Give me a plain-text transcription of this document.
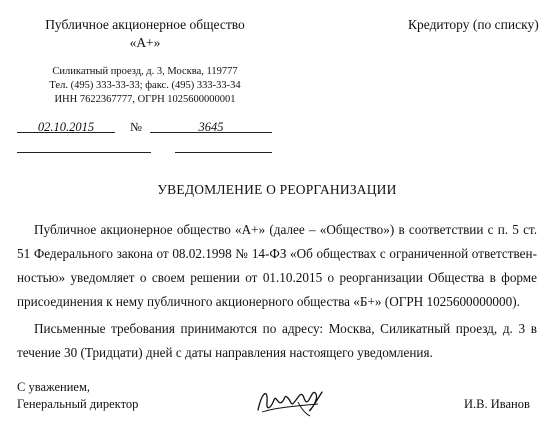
Публичное акционерное общество
«А+»
Кредитору (по списку)
Силикатный проезд, д. 3, Москва, 119777
Тел. (495) 333-33-33; факс. (495) 333-33-34
ИНН 7622367777, ОГРН 1025600000001
02.10.2015	№	3645
УВЕДОМЛЕНИЕ О РЕОРГАНИЗАЦИИ

Публичное акционерное общество «А+» (далее – «Общество») в соответствии с п. 5 ст. 51 Федерального закона от 08.02.1998 № 14-ФЗ «Об обществах с ограниченной ответственностью» уведомляет о своем решении от 01.10.2015 о реорганизации Общества в форме присоединения к нему публичного акционерного общества «Б+» (ОГРН 1025600000000).

Письменные требования принимаются по адресу: Москва, Силикатный проезд, д. 3 в течение 30 (Тридцати) дней с даты направления настоящего уведомления.

С уважением,
Генеральный директор	И.В. Иванов
